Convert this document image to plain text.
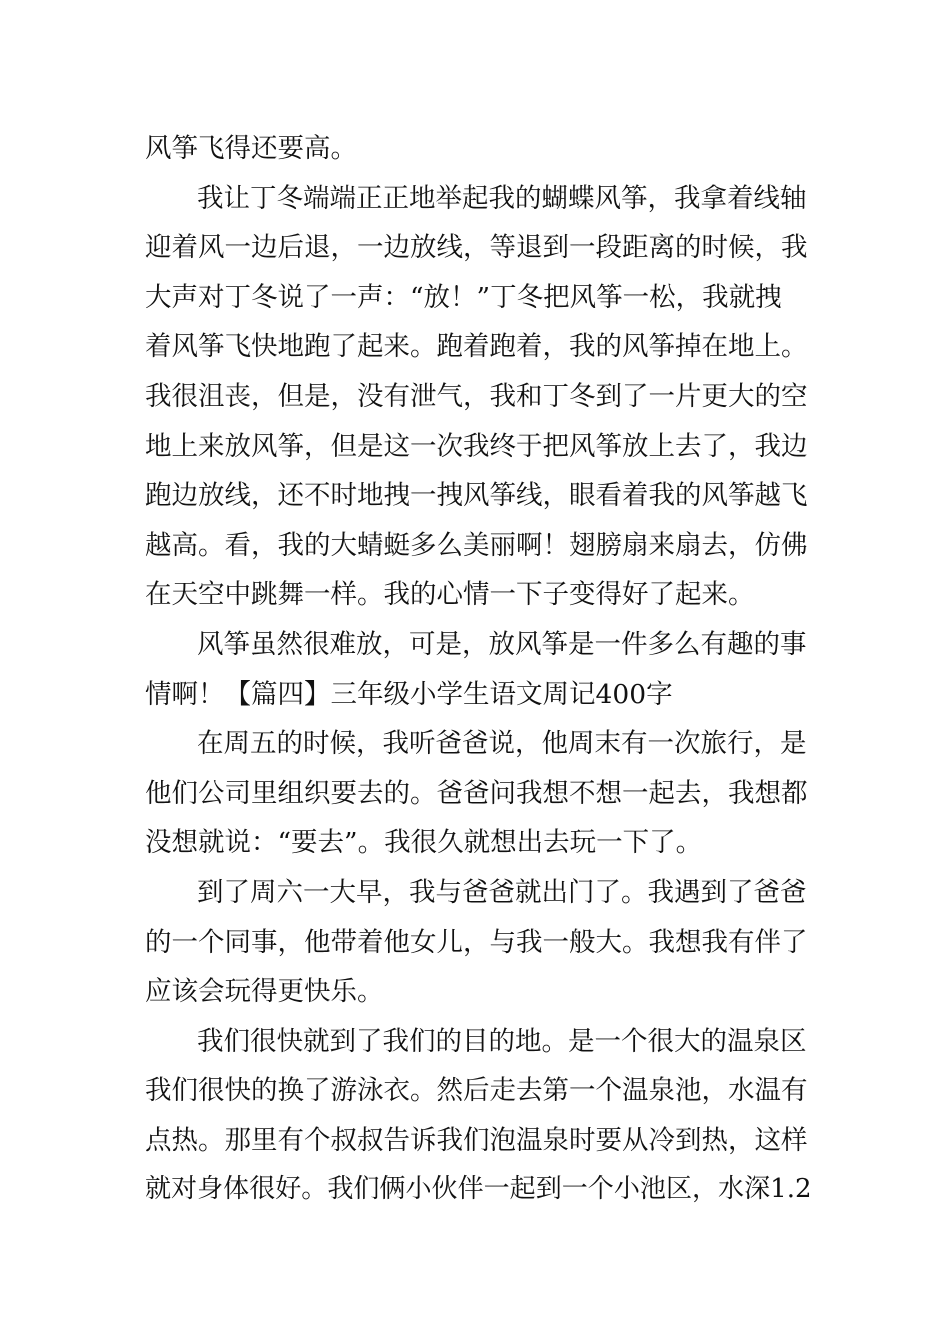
风筝飞得还要高。
我让丁冬端端正正地举起我的蝴蝶风筝，我拿着线轴
迎着风一边后退，一边放线，等退到一段距离的时候，我
大声对丁冬说了一声：“放！”丁冬把风筝一松，我就拽
着风筝飞快地跑了起来。跑着跑着，我的风筝掉在地上。
我很沮丧，但是，没有泄气，我和丁冬到了一片更大的空
地上来放风筝，但是这一次我终于把风筝放上去了，我边
跑边放线，还不时地拽一拽风筝线，眼看着我的风筝越飞
越高。看，我的大蜻蜓多么美丽啊！翅膀扇来扇去，仿佛
在天空中跳舞一样。我的心情一下子变得好了起来。
风筝虽然很难放，可是，放风筝是一件多么有趣的事
情啊！【篇四】三年级小学生语文周记400字
在周五的时候，我听爸爸说，他周末有一次旅行，是
他们公司里组织要去的。爸爸问我想不想一起去，我想都
没想就说：“要去”。我很久就想出去玩一下了。
到了周六一大早，我与爸爸就出门了。我遇到了爸爸
的一个同事，他带着他女儿，与我一般大。我想我有伴了
应该会玩得更快乐。
我们很快就到了我们的目的地。是一个很大的温泉区
我们很快的换了游泳衣。然后走去第一个温泉池，水温有
点热。那里有个叔叔告诉我们泡温泉时要从冷到热，这样
就对身体很好。我们俩小伙伴一起到一个小池区，水深1.2
